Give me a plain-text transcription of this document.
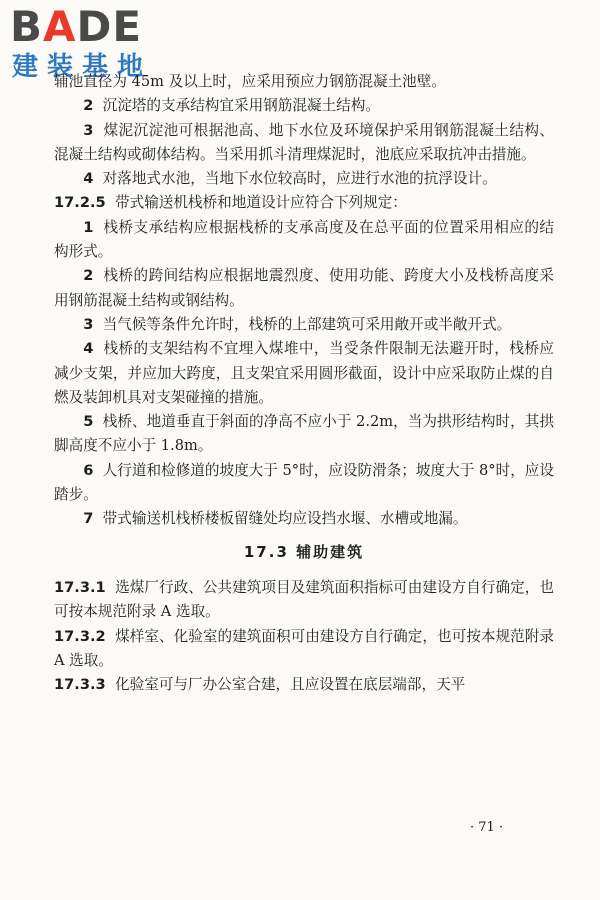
BADE
建装基地

辅池直径为 45m 及以上时，应采用预应力钢筋混凝土池壁。

2 沉淀塔的支承结构宜采用钢筋混凝土结构。

3 煤泥沉淀池可根据池高、地下水位及环境保护采用钢筋混凝土结构、混凝土结构或砌体结构。当采用抓斗清理煤泥时，池底应采取抗冲击措施。

4 对落地式水池，当地下水位较高时，应进行水池的抗浮设计。

17.2.5 带式输送机栈桥和地道设计应符合下列规定：

1 栈桥支承结构应根据栈桥的支承高度及在总平面的位置采用相应的结构形式。

2 栈桥的跨间结构应根据地震烈度、使用功能、跨度大小及栈桥高度采用钢筋混凝土结构或钢结构。

3 当气候等条件允许时，栈桥的上部建筑可采用敞开或半敞开式。

4 栈桥的支架结构不宜埋入煤堆中，当受条件限制无法避开时，栈桥应减少支架，并应加大跨度，且支架宜采用圆形截面，设计中应采取防止煤的自燃及装卸机具对支架碰撞的措施。

5 栈桥、地道垂直于斜面的净高不应小于 2.2m，当为拱形结构时，其拱脚高度不应小于 1.8m。

6 人行道和检修道的坡度大于 5°时，应设防滑条；坡度大于 8°时，应设踏步。

7 带式输送机栈桥楼板留缝处均应设挡水堰、水槽或地漏。

17.3 辅助建筑

17.3.1 选煤厂行政、公共建筑项目及建筑面积指标可由建设方自行确定，也可按本规范附录 A 选取。

17.3.2 煤样室、化验室的建筑面积可由建设方自行确定，也可按本规范附录 A 选取。

17.3.3 化验室可与厂办公室合建，且应设置在底层端部，天平

· 71 ·
